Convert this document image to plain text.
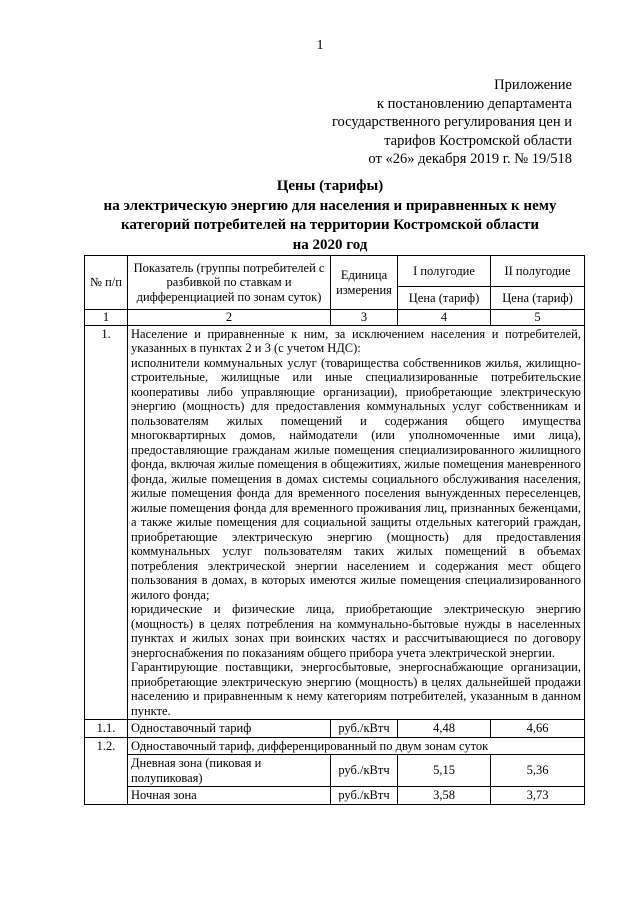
1
Приложение
к постановлению департамента
государственного регулирования цен и
тарифов Костромской области
от «26» декабря 2019 г. № 19/518
Цены (тарифы)
на электрическую энергию для населения и приравненных к нему
категорий потребителей на территории Костромской области
на 2020 год
№ п/п	Показатель (группы потребителей с разбивкой по ставкам и дифференциацией по зонам суток)	Единица измерения	I полугодие	II полугодие
			Цена (тариф)	Цена (тариф)
1	2	3	4	5
1.	Население и приравненные к ним, за исключением населения и потребителей, указанных в пунктах 2 и 3 (с учетом НДС):
исполнители коммунальных услуг (товарищества собственников жилья, жилищно-строительные, жилищные или иные специализированные потребительские кооперативы либо управляющие организации), приобретающие электрическую энергию (мощность) для предоставления коммунальных услуг собственникам и пользователям жилых помещений и содержания общего имущества многоквартирных домов, наймодатели (или уполномоченные ими лица), предоставляющие гражданам жилые помещения специализированного жилищного фонда, включая жилые помещения в общежитиях, жилые помещения маневренного фонда, жилые помещения в домах системы социального обслуживания населения, жилые помещения фонда для временного поселения вынужденных переселенцев, жилые помещения фонда для временного проживания лиц, признанных беженцами, а также жилые помещения для социальной защиты отдельных категорий граждан, приобретающие электрическую энергию (мощность) для предоставления коммунальных услуг пользователям таких жилых помещений в объемах потребления электрической энергии населением и содержания мест общего пользования в домах, в которых имеются жилые помещения специализированного жилого фонда;
юридические и физические лица, приобретающие электрическую энергию (мощность) в целях потребления на коммунально-бытовые нужды в населенных пунктах и жилых зонах при воинских частях и рассчитывающиеся по договору энергоснабжения по показаниям общего прибора учета электрической энергии.
Гарантирующие поставщики, энергосбытовые, энергоснабжающие организации, приобретающие электрическую энергию (мощность) в целях дальнейшей продажи населению и приравненным к нему категориям потребителей, указанным в данном пункте.			

1.1.	Одноставочный тариф	руб./кВтч	4,48	4,66
1.2.	Одноставочный тариф, дифференцированный по двум зонам суток			
	Дневная зона (пиковая и полупиковая)	руб./кВтч	5,15	5,36
	Ночная зона	руб./кВтч	3,58	3,73
